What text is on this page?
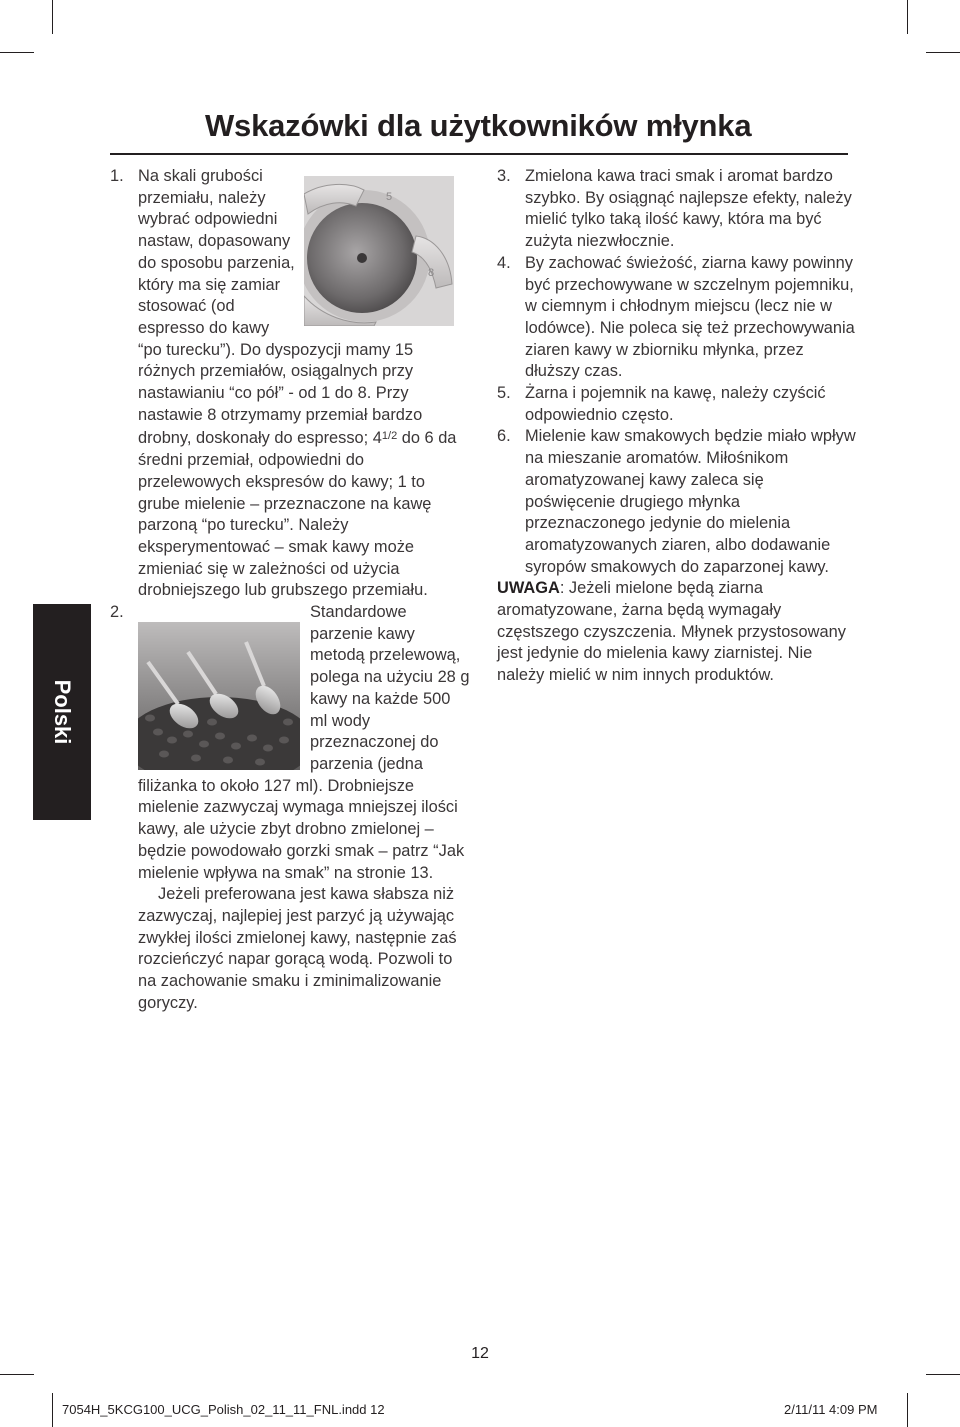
Wskazówki dla użytkowników młynka
Polski
1.
5
8
Na skali grubości przemiału, należy wybrać odpowiedni nastaw, dopasowany do sposobu parzenia, który ma się zamiar stosować (od espresso do kawy “po turecku”). Do dyspozycji mamy 15 różnych przemiałów, osiągalnych przy nastawianiu “co pół” - od 1 do 8. Przy nastawie 8 otrzymamy przemiał bardzo drobny, doskonały do espresso; $4^{1/2}$ do 6 da średni przemiał, odpowiedni do przelewowych ekspresów do kawy; 1 to grube mielenie – przeznaczone na kawę parzoną “po turecku”. Należy eksperymentować – smak kawy może zmieniać się w zależności od użycia drobniejszego lub grubszego przemiału.
2.	Standardowe parzenie kawy metodą przelewową, polega na użyciu 28 g kawy na każde 500 ml wody przeznaczonej do parzenia (jedna filiżanka to około 127 ml). Drobniejsze mielenie zazwyczaj wymaga mniejszej ilości kawy, ale użycie zbyt drobno zmielonej – będzie powodowało gorzki smak – patrz “Jak mielenie wpływa na smak” na stronie 13.

Jeżeli preferowana jest kawa słabsza niż zazwyczaj, najlepiej jest parzyć ją używając zwykłej ilości zmielonej kawy, następnie zaś rozcieńczyć napar gorącą wodą. Pozwoli to na zachowanie smaku i zminimalizowanie goryczy.

3. Zmielona kawa traci smak i aromat bardzo szybko. By osiągnąć najlepsze efekty, należy mielić tylko taką ilość kawy, która ma być zużyta niezwłocznie.
4. By zachować świeżość, ziarna kawy powinny być przechowywane w szczelnym pojemniku, w ciemnym i chłodnym miejscu (lecz nie w lodówce). Nie poleca się też przechowywania ziaren kawy w zbiorniku młynka, przez dłuższy czas.
5. Żarna i pojemnik na kawę, należy czyścić odpowiednio często.
6. Mielenie kaw smakowych będzie miało wpływ na mieszanie aromatów. Miłośnikom aromatyzowanej kawy zaleca się poświęcenie drugiego młynka przeznaczonego jedynie do mielenia aromatyzowanych ziaren, albo dodawanie syropów smakowych do zaparzonej kawy.

UWAGA: Jeżeli mielone będą ziarna aromatyzowane, żarna będą wymagały częstszego czyszczenia. Młynek przystosowany jest jedynie do mielenia kawy ziarnistej. Nie należy mielić w nim innych produktów.

12
7054H_5KCG100_UCG_Polish_02_11_11_FNL.indd 12	2/11/11 4:09 PM
